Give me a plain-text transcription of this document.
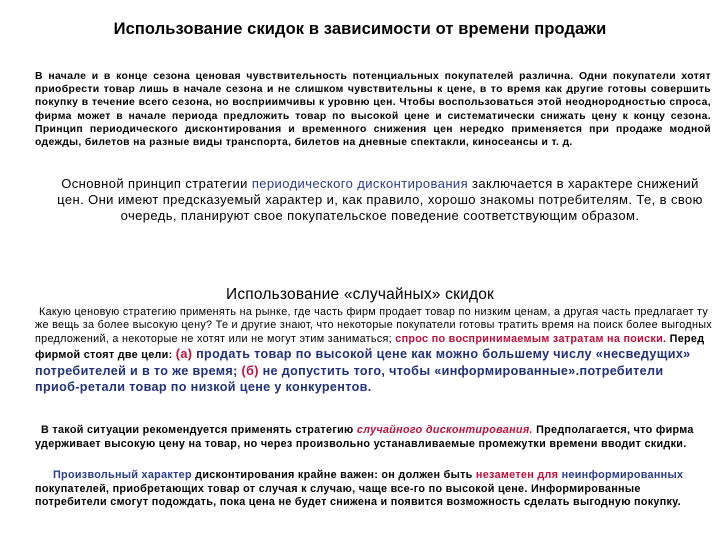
Использование скидок в зависимости от времени продажи
В начале и в конце сезона ценовая чувствительность потенциальных покупателей различна. Одни покупатели хотят приобрести товар лишь в начале сезона и не слишком чувствительны к цене, в то время как другие готовы совершить покупку в течение всего сезона, но восприимчивы к уровню цен. Чтобы воспользоваться этой неоднородностью спроса, фирма может в начале периода предложить товар по высокой цене и систематически снижать цену к концу сезона. Принцип периодического дисконтирования и временного снижения цен нередко применяется при продаже модной одежды, билетов на разные виды транспорта, билетов на дневные спектакли, киносеансы и т. д.
Основной принцип стратегии периодического дисконтирования заключается в характере снижений цен. Они имеют предсказуемый характер и, как правило, хорошо знакомы потребителям. Те, в свою очередь, планируют свое покупательское поведение соответствующим образом.
Использование «случайных» скидок
Какую ценовую стратегию применять на рынке, где часть фирм продает товар по низким ценам, а другая часть предлагает ту же вещь за более высокую цену? Те и другие знают, что некоторые покупатели готовы тратить время на поиск более выгодных предложений, а некоторые не хотят или не могут этим заниматься; спрос по воспринимаемым затратам на поиски. Перед фирмой стоят две цели: (а) продать товар по высокой цене как можно большему числу «несведущих» потребителей и в то же время; (б) не допустить того, чтобы «информированные».потребители приоб-ретали товар по низкой цене у конкурентов.
В такой ситуации рекомендуется применять стратегию случайного дисконтирования. Предполагается, что фирма удерживает высокую цену на товар, но через произвольно устанавливаемые промежутки времени вводит скидки.
Произвольный характер дисконтирования крайне важен: он должен быть незаметен для неинформированных покупателей, приобретающих товар от случая к случаю, чаще все-го по высокой цене. Информированные потребители смогут подождать, пока цена не будет снижена и появится возможность сделать выгодную покупку.
